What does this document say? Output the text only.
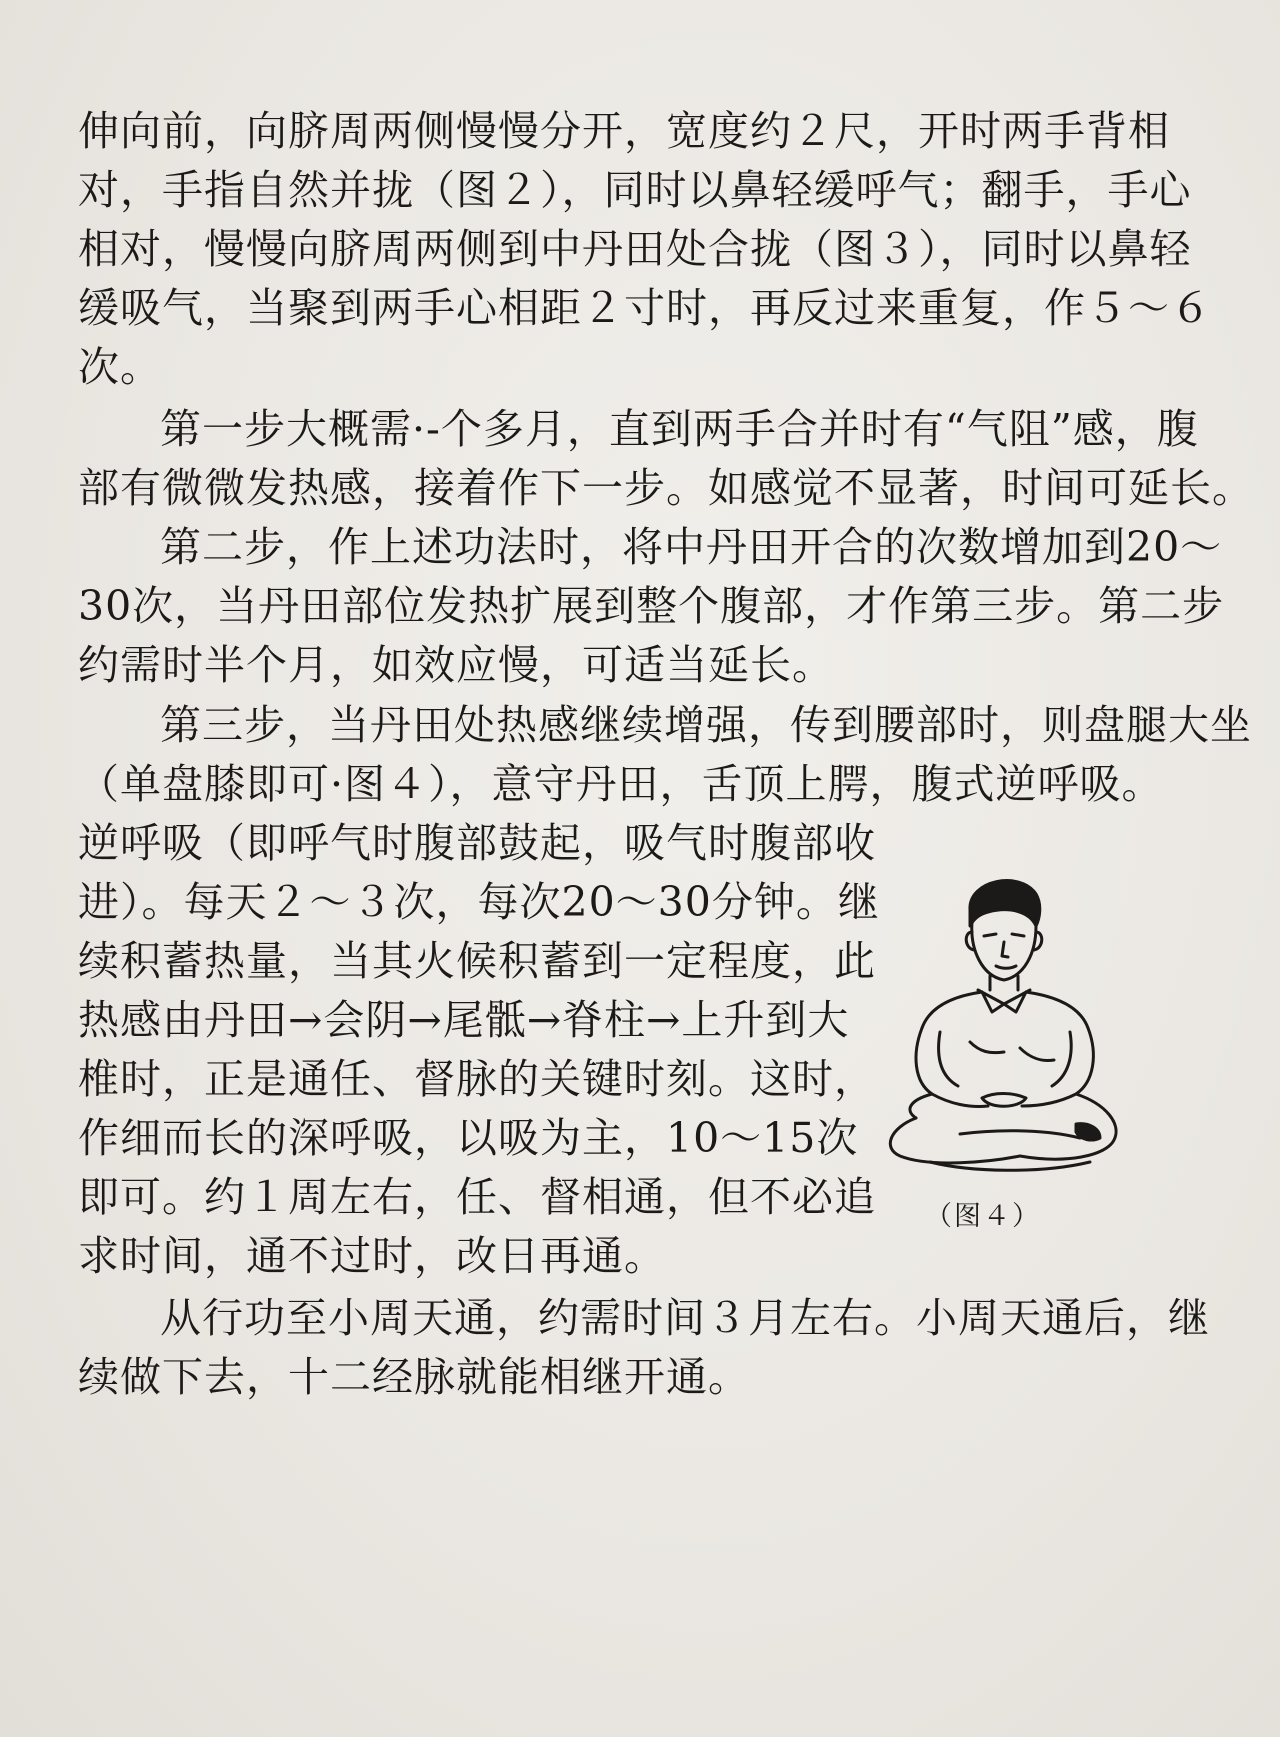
伸向前，向脐周两侧慢慢分开，宽度约２尺，开时两手背相
对，手指自然并拢（图２），同时以鼻轻缓呼气；翻手，手心
相对，慢慢向脐周两侧到中丹田处合拢（图３），同时以鼻轻
缓吸气，当聚到两手心相距２寸时，再反过来重复，作５～６
次。
第一步大概需·-个多月，直到两手合并时有“气阻”感，腹
部有微微发热感，接着作下一步。如感觉不显著，时间可延长。
第二步，作上述功法时，将中丹田开合的次数增加到20～
30次，当丹田部位发热扩展到整个腹部，才作第三步。第二步
约需时半个月，如效应慢，可适当延长。
第三步，当丹田处热感继续增强，传到腰部时，则盘腿大坐
（单盘膝即可·图４），意守丹田，舌顶上腭，腹式逆呼吸。
逆呼吸（即呼气时腹部鼓起，吸气时腹部收
进）。每天２～３次，每次20～30分钟。继
续积蓄热量，当其火候积蓄到一定程度，此
热感由丹田→会阴→尾骶→脊柱→上升到大
椎时，正是通任、督脉的关键时刻。这时，
作细而长的深呼吸，以吸为主，10～15次
即可。约１周左右，任、督相通，但不必追
求时间，通不过时，改日再通。
从行功至小周天通，约需时间３月左右。小周天通后，继
续做下去，十二经脉就能相继开通。
（图４）
